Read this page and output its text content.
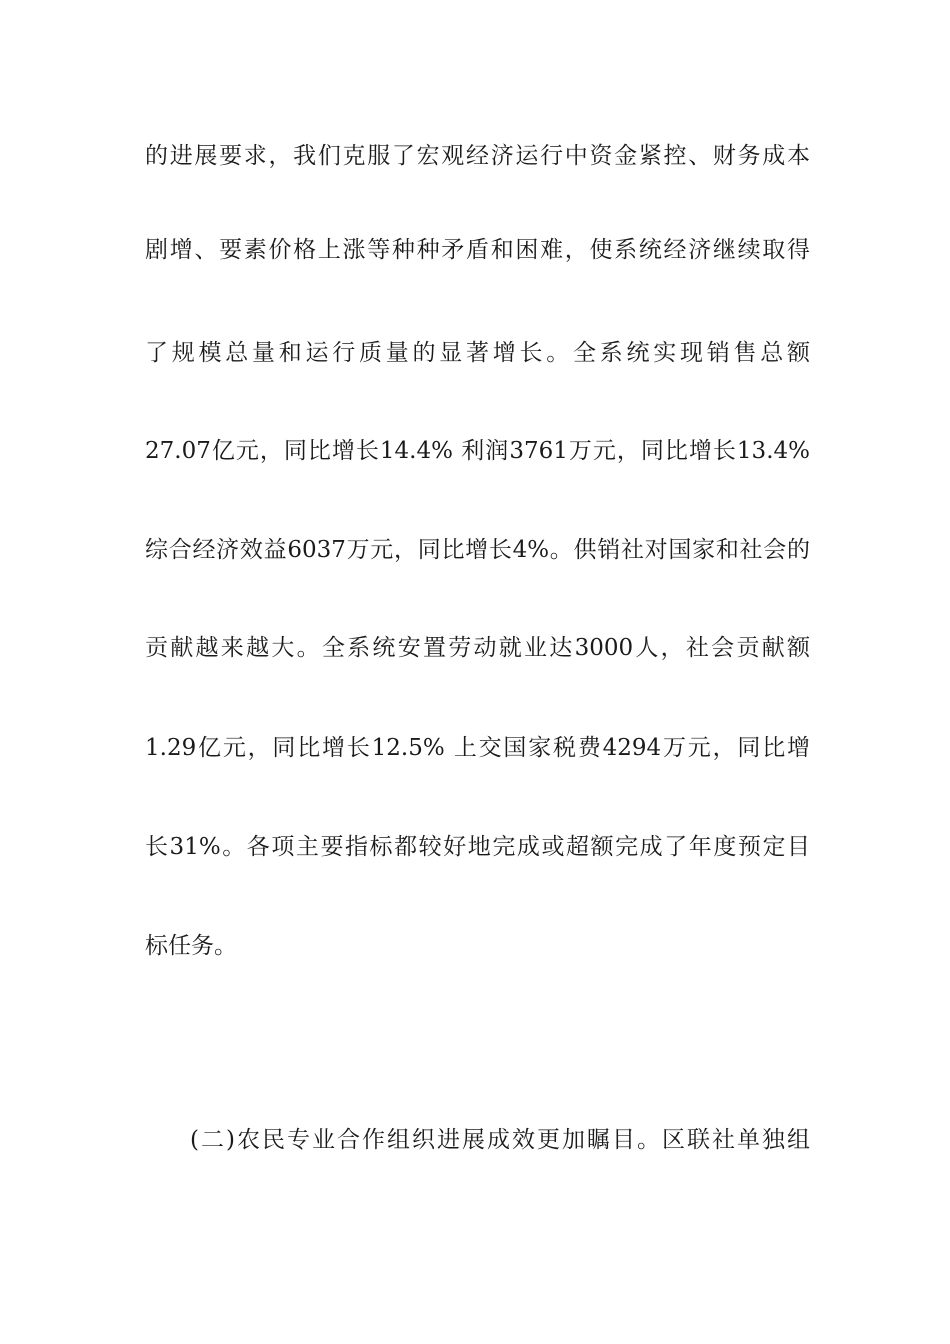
的进展要求，我们克服了宏观经济运行中资金紧控、财务成本
剧增、要素价格上涨等种种矛盾和困难，使系统经济继续取得
了规模总量和运行质量的显著增长。全系统实现销售总额
27.07亿元，同比增长14.4% 利润3761万元，同比增长13.4%
综合经济效益6037万元，同比增长4%。供销社对国家和社会的
贡献越来越大。全系统安置劳动就业达3000人，社会贡献额
1.29亿元，同比增长12.5% 上交国家税费4294万元，同比增
长31%。各项主要指标都较好地完成或超额完成了年度预定目
标任务。
(二)农民专业合作组织进展成效更加瞩目。区联社单独组
